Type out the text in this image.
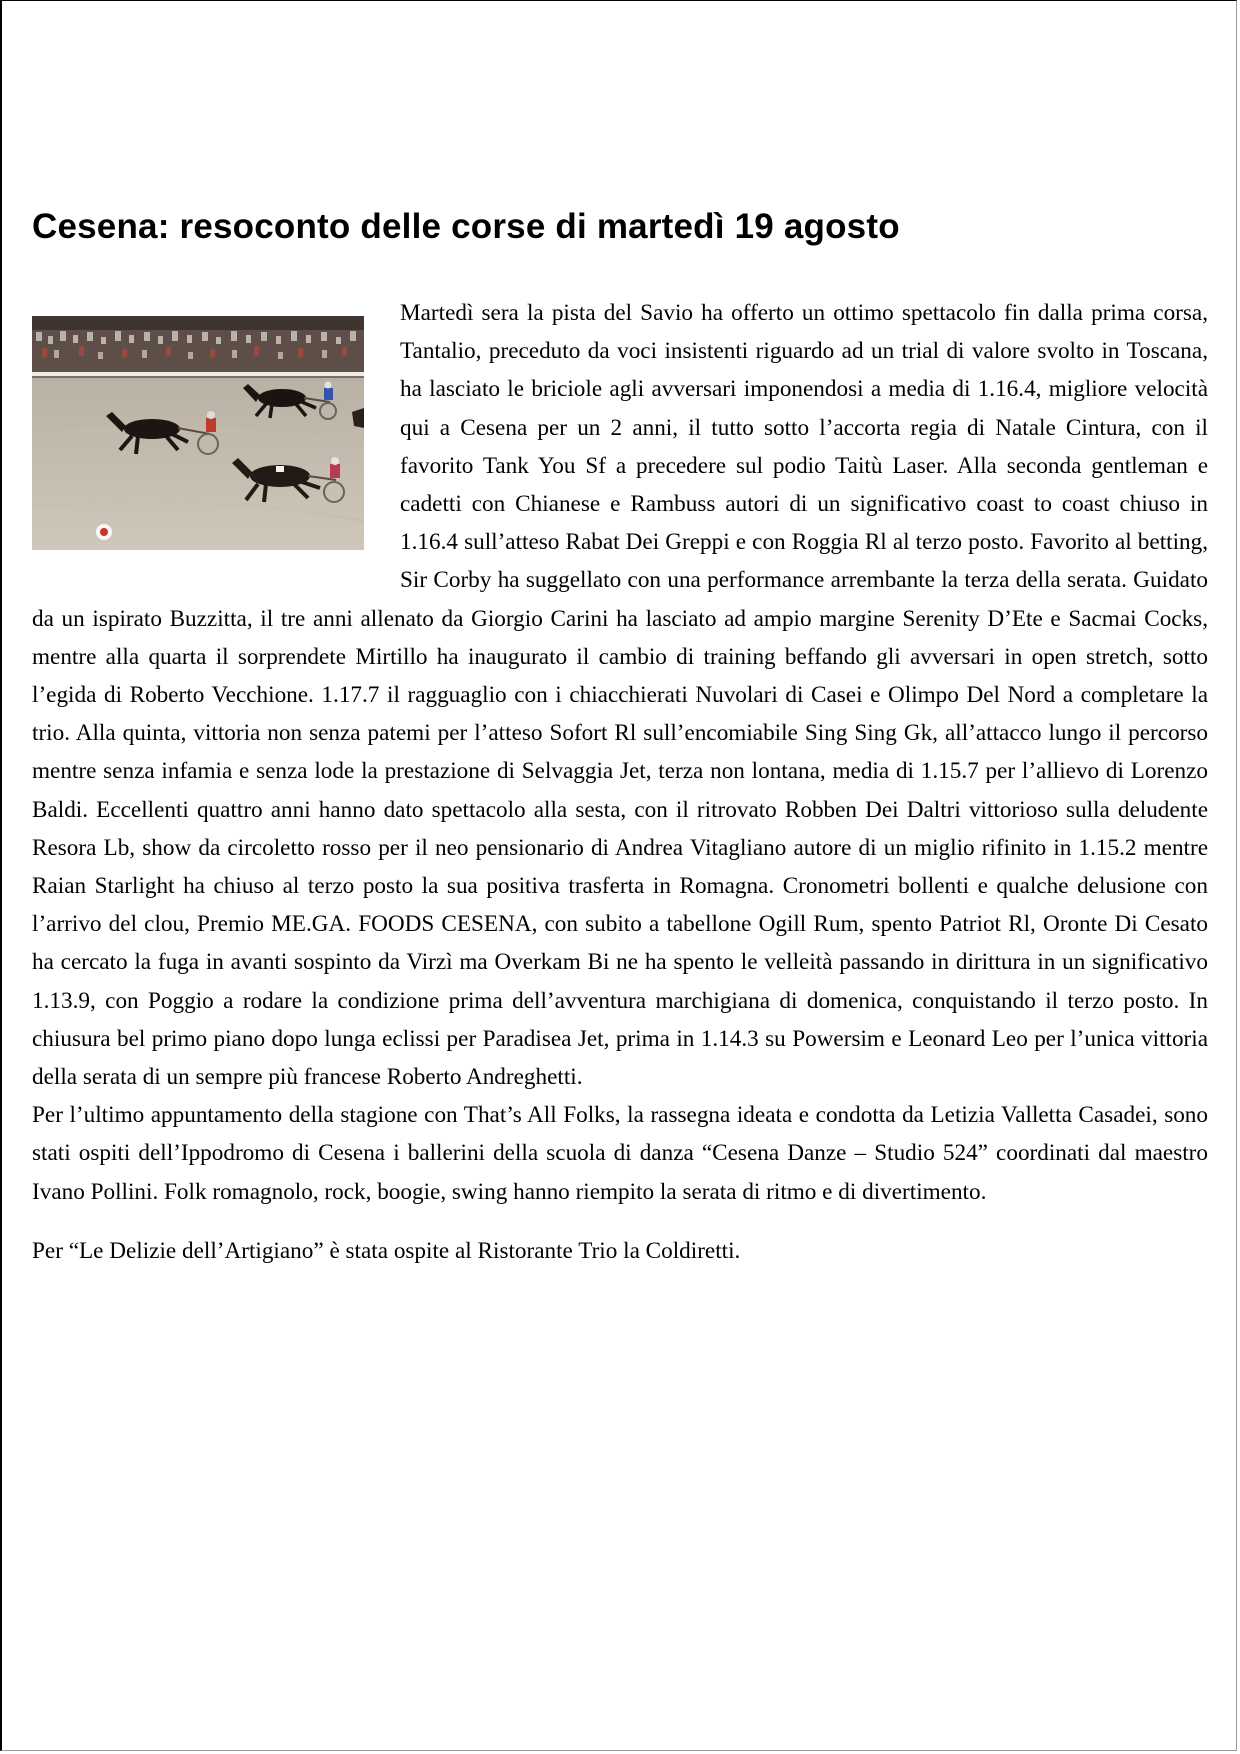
Cesena: resoconto delle corse di martedì 19 agosto

Martedì sera la pista del Savio ha offerto un ottimo spettacolo fin dalla prima corsa, Tantalio, preceduto da voci insistenti riguardo ad un trial di valore svolto in Toscana, ha lasciato le briciole agli avversari imponendosi a media di 1.16.4, migliore velocità qui a Cesena per un 2 anni, il tutto sotto l’accorta regia di Natale Cintura, con il favorito Tank You Sf a precedere sul podio Taitù Laser. Alla seconda gentleman e cadetti con Chianese e Rambuss autori di un significativo coast to coast chiuso in 1.16.4 sull’atteso Rabat Dei Greppi e con Roggia Rl al terzo posto. Favorito al betting, Sir Corby ha suggellato con una performance arrembante la terza della serata. Guidato da un ispirato Buzzitta, il tre anni allenato da Giorgio Carini ha lasciato ad ampio margine Serenity D’Ete e Sacmai Cocks, mentre alla quarta il sorprendete Mirtillo ha inaugurato il cambio di training beffando gli avversari in open stretch, sotto l’egida di Roberto Vecchione. 1.17.7 il ragguaglio con i chiacchierati Nuvolari di Casei e Olimpo Del Nord a completare la trio. Alla quinta, vittoria non senza patemi per l’atteso Sofort Rl sull’encomiabile Sing Sing Gk, all’attacco lungo il percorso mentre senza infamia e senza lode la prestazione di Selvaggia Jet, terza non lontana, media di 1.15.7 per l’allievo di Lorenzo Baldi. Eccellenti quattro anni hanno dato spettacolo alla sesta, con il ritrovato Robben Dei Daltri vittorioso sulla deludente Resora Lb, show da circoletto rosso per il neo pensionario di Andrea Vitagliano autore di un miglio rifinito in 1.15.2 mentre Raian Starlight ha chiuso al terzo posto la sua positiva trasferta in Romagna. Cronometri bollenti e qualche delusione con l’arrivo del clou, Premio ME.GA. FOODS CESENA, con subito a tabellone Ogill Rum, spento Patriot Rl, Oronte Di Cesato ha cercato la fuga in avanti sospinto da Virzì ma Overkam Bi ne ha spento le velleità passando in dirittura in un significativo 1.13.9, con Poggio a rodare la condizione prima dell’avventura marchigiana di domenica, conquistando il terzo posto. In chiusura bel primo piano dopo lunga eclissi per Paradisea Jet, prima in 1.14.3 su Powersim e Leonard Leo per l’unica vittoria della serata di un sempre più francese Roberto Andreghetti.

Per l’ultimo appuntamento della stagione con That’s All Folks, la rassegna ideata e condotta da Letizia Valletta Casadei, sono stati ospiti dell’Ippodromo di Cesena i ballerini della scuola di danza “Cesena Danze – Studio 524” coordinati dal maestro Ivano Pollini. Folk romagnolo, rock, boogie, swing hanno riempito la serata di ritmo e di divertimento.

Per “Le Delizie dell’Artigiano” è stata ospite al Ristorante Trio la Coldiretti.
